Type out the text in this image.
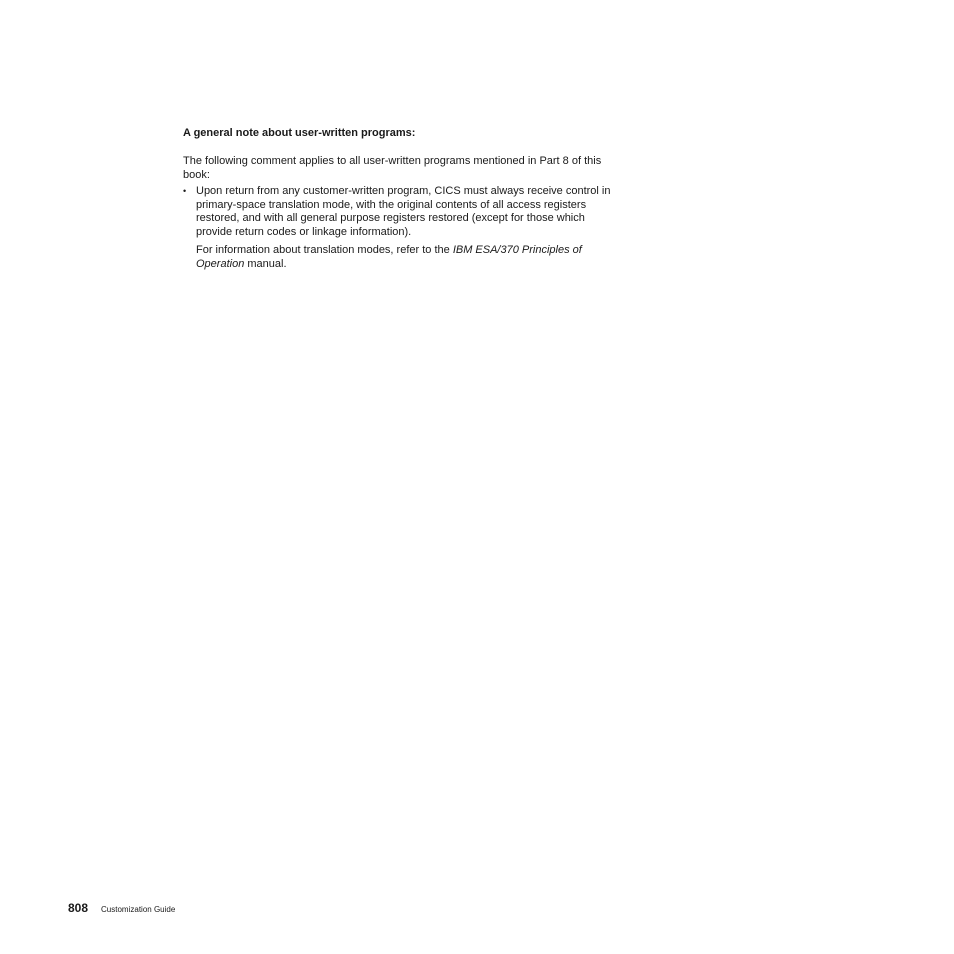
A general note about user-written programs:

The following comment applies to all user-written programs mentioned in Part 8 of this book:

• Upon return from any customer-written program, CICS must always receive control in primary-space translation mode, with the original contents of all access registers restored, and with all general purpose registers restored (except for those which provide return codes or linkage information).

For information about translation modes, refer to the IBM ESA/370 Principles of Operation manual.

808 Customization Guide
